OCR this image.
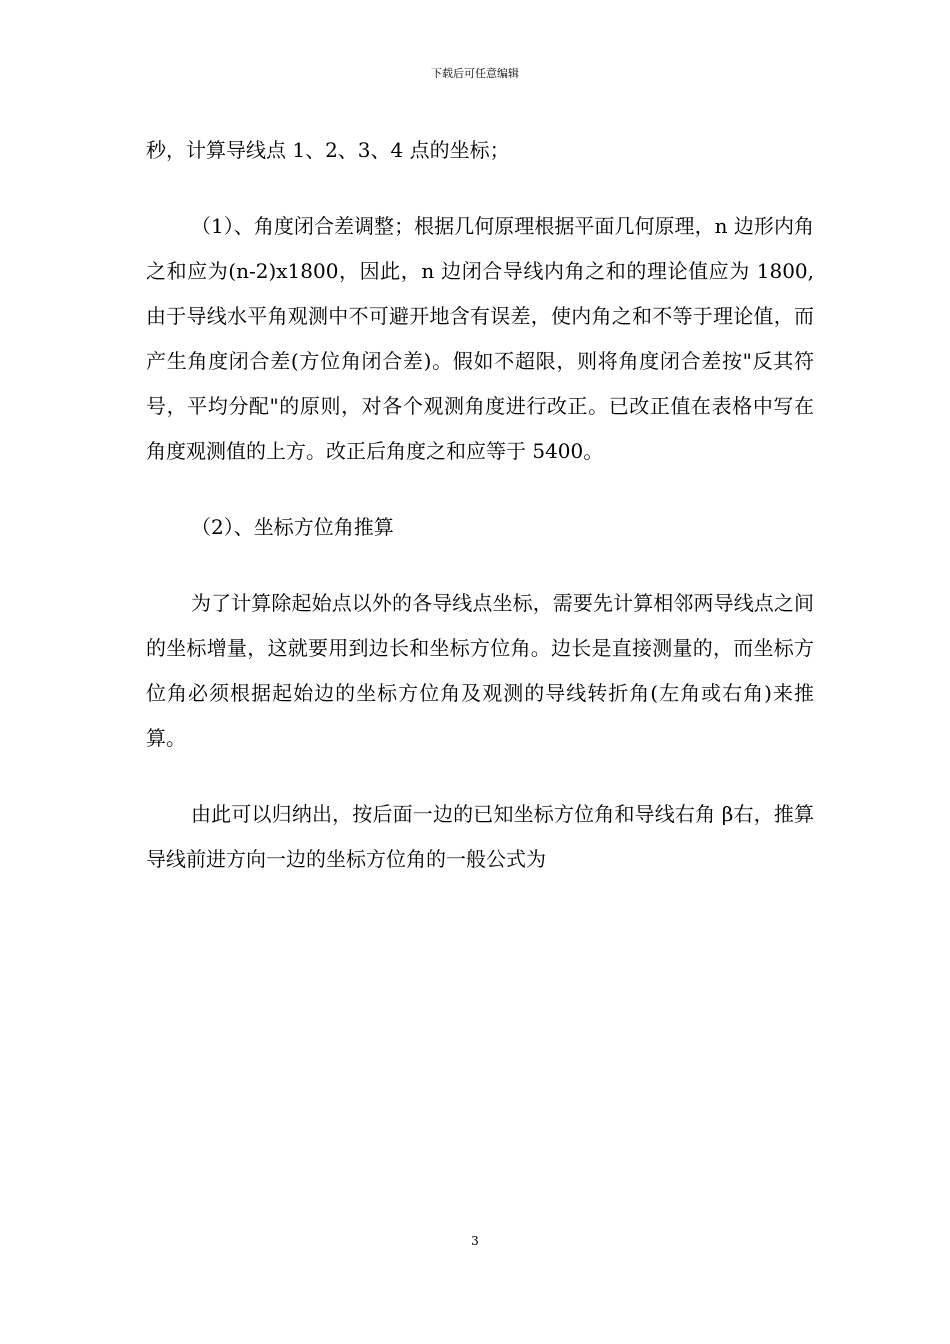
下载后可任意编辑

秒，计算导线点 1、2、3、4 点的坐标；

（1）、角度闭合差调整；根据几何原理根据平面几何原理，n 边形内角之和应为(n-2)x1800，因此，n 边闭合导线内角之和的理论值应为 1800,由于导线水平角观测中不可避开地含有误差，使内角之和不等于理论值，而产生角度闭合差(方位角闭合差)。假如不超限，则将角度闭合差按"反其符号，平均分配"的原则，对各个观测角度进行改正。已改正值在表格中写在角度观测值的上方。改正后角度之和应等于 5400。

（2）、坐标方位角推算

为了计算除起始点以外的各导线点坐标，需要先计算相邻两导线点之间的坐标增量，这就要用到边长和坐标方位角。边长是直接测量的，而坐标方位角必须根据起始边的坐标方位角及观测的导线转折角(左角或右角)来推算。

由此可以归纳出，按后面一边的已知坐标方位角和导线右角 β右，推算导线前进方向一边的坐标方位角的一般公式为

3
